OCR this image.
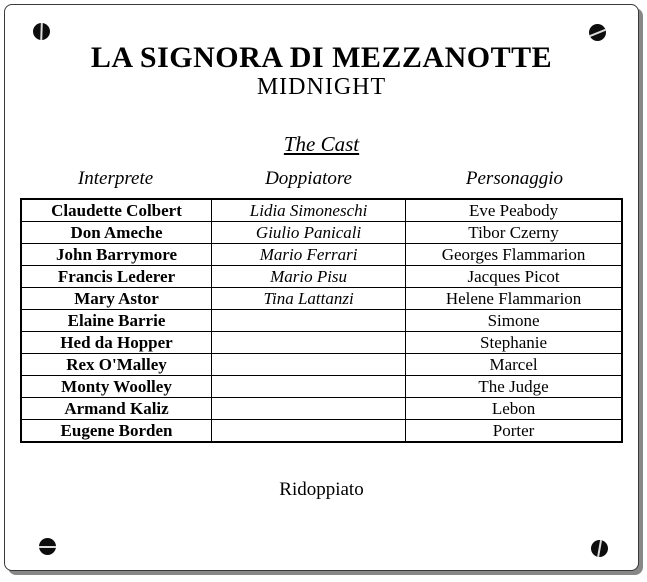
LA SIGNORA DI MEZZANOTTE
MIDNIGHT
The Cast
Interprete	Doppiatore	Personaggio
Claudette Colbert	Lidia Simoneschi	Eve Peabody
Don Ameche	Giulio Panicali	Tibor Czerny
John Barrymore	Mario Ferrari	Georges Flammarion
Francis Lederer	Mario Pisu	Jacques Picot
Mary Astor	Tina Lattanzi	Helene Flammarion
Elaine Barrie		Simone
Hed da Hopper		Stephanie
Rex O'Malley		Marcel
Monty Woolley		The Judge
Armand Kaliz		Lebon
Eugene Borden		Porter
Ridoppiato
